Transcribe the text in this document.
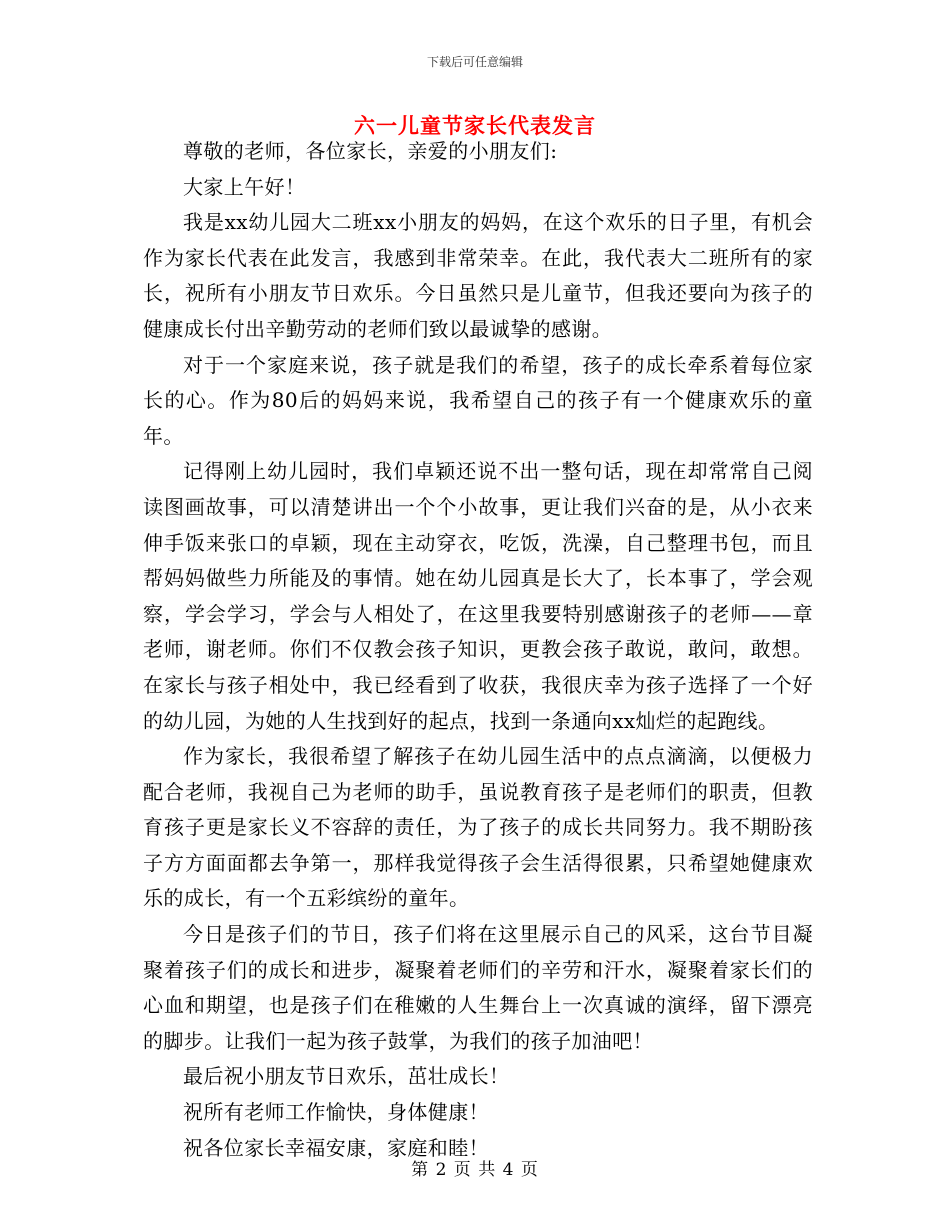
下载后可任意编辑
六一儿童节家长代表发言

尊敬的老师，各位家长，亲爱的小朋友们:

大家上午好！

我是xx幼儿园大二班xx小朋友的妈妈，在这个欢乐的日子里，有机会作为家长代表在此发言，我感到非常荣幸。在此，我代表大二班所有的家长，祝所有小朋友节日欢乐。今日虽然只是儿童节，但我还要向为孩子的健康成长付出辛勤劳动的老师们致以最诚挚的感谢。

对于一个家庭来说，孩子就是我们的希望，孩子的成长牵系着每位家长的心。作为80后的妈妈来说，我希望自己的孩子有一个健康欢乐的童年。

记得刚上幼儿园时，我们卓颖还说不出一整句话，现在却常常自己阅读图画故事，可以清楚讲出一个个小故事，更让我们兴奋的是，从小衣来伸手饭来张口的卓颖，现在主动穿衣，吃饭，洗澡，自己整理书包，而且帮妈妈做些力所能及的事情。她在幼儿园真是长大了，长本事了，学会观察，学会学习，学会与人相处了，在这里我要特别感谢孩子的老师——章老师，谢老师。你们不仅教会孩子知识，更教会孩子敢说，敢问，敢想。在家长与孩子相处中，我已经看到了收获，我很庆幸为孩子选择了一个好的幼儿园，为她的人生找到好的起点，找到一条通向xx灿烂的起跑线。

作为家长，我很希望了解孩子在幼儿园生活中的点点滴滴，以便极力配合老师，我视自己为老师的助手，虽说教育孩子是老师们的职责，但教育孩子更是家长义不容辞的责任，为了孩子的成长共同努力。我不期盼孩子方方面面都去争第一，那样我觉得孩子会生活得很累，只希望她健康欢乐的成长，有一个五彩缤纷的童年。

今日是孩子们的节日，孩子们将在这里展示自己的风采，这台节目凝聚着孩子们的成长和进步，凝聚着老师们的辛劳和汗水，凝聚着家长们的心血和期望，也是孩子们在稚嫩的人生舞台上一次真诚的演绎，留下漂亮的脚步。让我们一起为孩子鼓掌，为我们的孩子加油吧！

最后祝小朋友节日欢乐，茁壮成长！

祝所有老师工作愉快，身体健康！

祝各位家长幸福安康，家庭和睦！

第 2 页 共 4 页
